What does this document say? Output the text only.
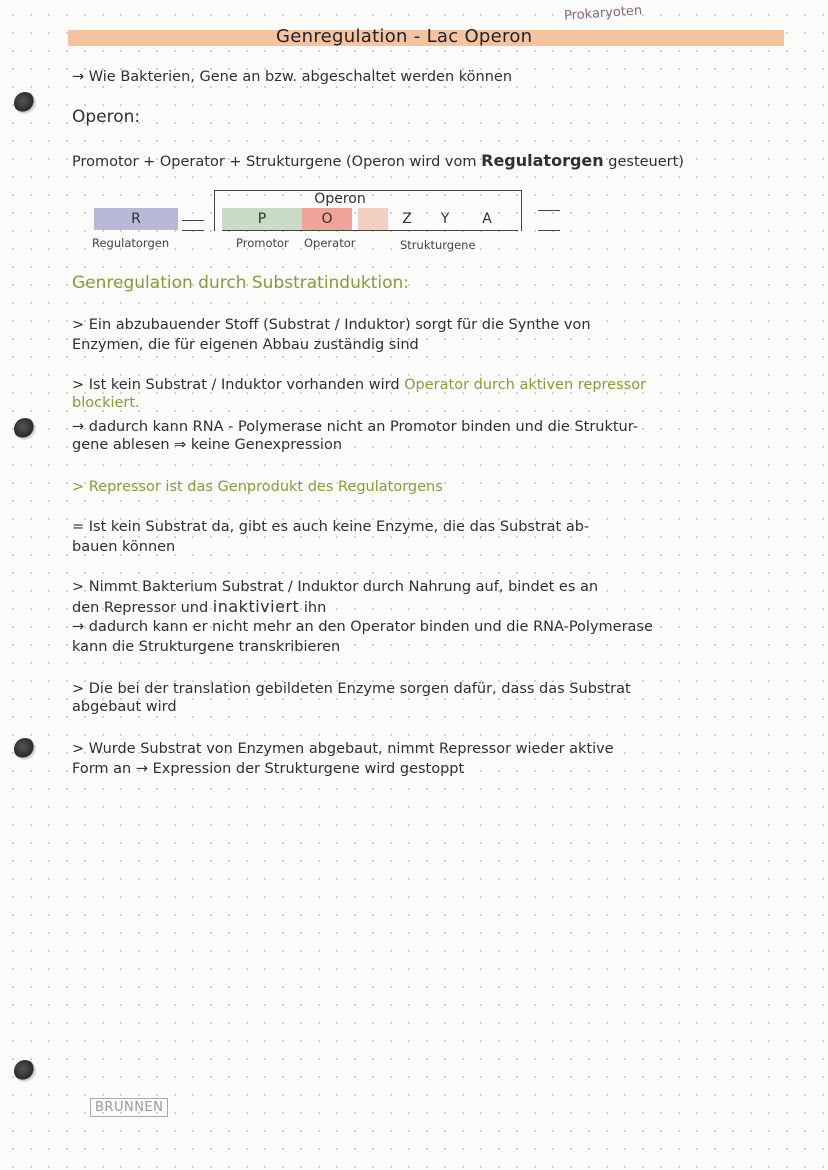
Prokaryoten
Genregulation - Lac Operon
→ Wie Bakterien, Gene an bzw. abgeschaltet werden können
Operon:
Promotor + Operator + Strukturgene (Operon wird vom Regulatorgen gesteuert)
Operon
R	P	O	Z	Y	A
Regulatorgen	Promotor Operator	Strukturgene
Genregulation durch Substratinduktion:
> Ein abzubauender Stoff (Substrat / Induktor) sorgt für die Synthe von
Enzymen, die für eigenen Abbau zuständig sind
> Ist kein Substrat / Induktor vorhanden wird Operator durch aktiven repressor
blockiert.
→ dadurch kann RNA - Polymerase nicht an Promotor binden und die Struktur-
gene ablesen ⇒ keine Genexpression
> Repressor ist das Genprodukt des Regulatorgens
= Ist kein Substrat da, gibt es auch keine Enzyme, die das Substrat ab-
bauen können
> Nimmt Bakterium Substrat / Induktor durch Nahrung auf, bindet es an
den Repressor und inaktiviert ihn
→ dadurch kann er nicht mehr an den Operator binden und die RNA-Polymerase
kann die Strukturgene transkribieren
> Die bei der translation gebildeten Enzyme sorgen dafür, dass das Substrat
abgebaut wird
> Wurde Substrat von Enzymen abgebaut, nimmt Repressor wieder aktive
Form an → Expression der Strukturgene wird gestoppt
BRUNNEN
